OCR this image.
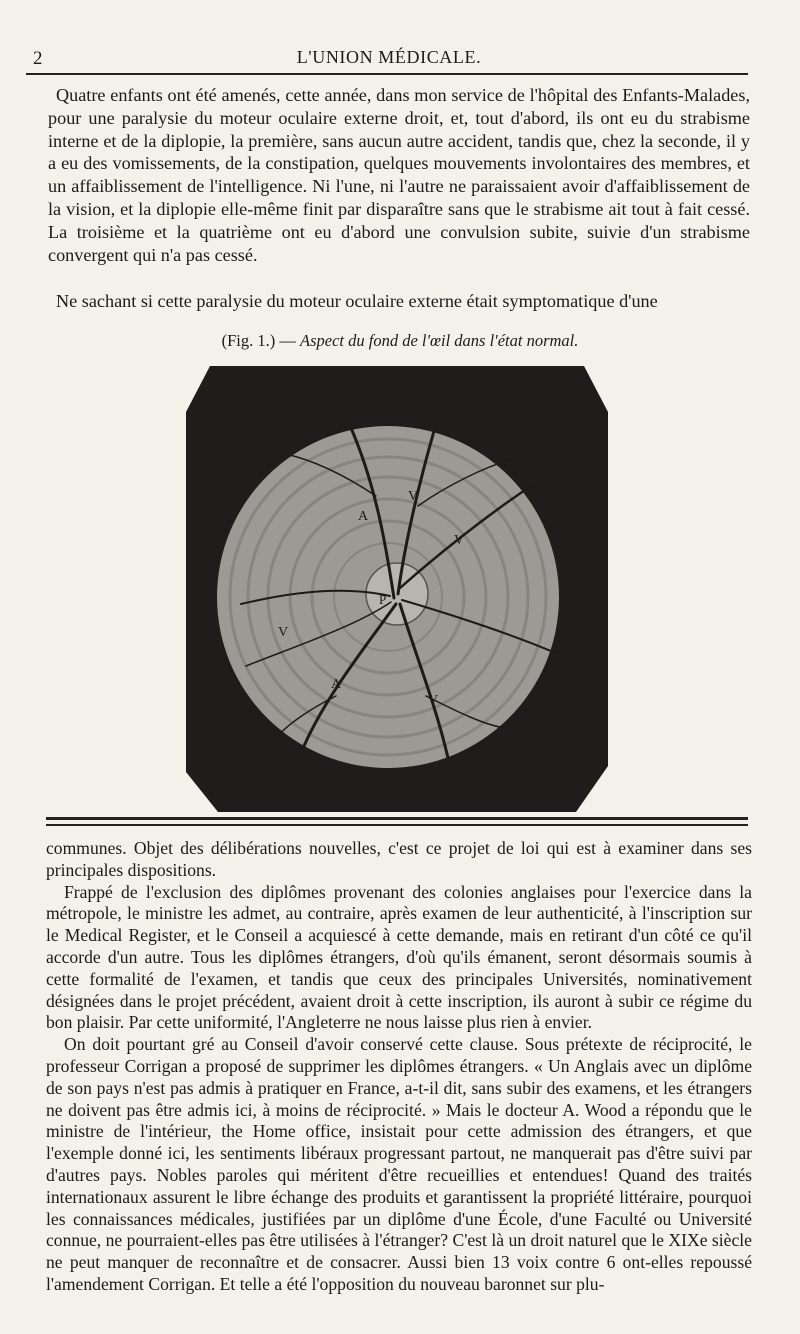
2	L'UNION MÉDICALE.

Quatre enfants ont été amenés, cette année, dans mon service de l'hôpital des Enfants-Malades, pour une paralysie du moteur oculaire externe droit, et, tout d'abord, ils ont eu du strabisme interne et de la diplopie, la première, sans aucun autre accident, tandis que, chez la seconde, il y a eu des vomissements, de la constipation, quelques mouvements involontaires des membres, et un affaiblissement de l'intelligence. Ni l'une, ni l'autre ne paraissaient avoir d'affaiblissement de la vision, et la diplopie elle-même finit par disparaître sans que le strabisme ait tout à fait cessé. La troisième et la quatrième ont eu d'abord une convulsion subite, suivie d'un strabisme convergent qui n'a pas cessé.

Ne sachant si cette paralysie du moteur oculaire externe était symptomatique d'une

(Fig. 1.) — Aspect du fond de l'œil dans l'état normal.
A
A
V
V
V
V
P

communes. Objet des délibérations nouvelles, c'est ce projet de loi qui est à examiner dans ses principales dispositions.

Frappé de l'exclusion des diplômes provenant des colonies anglaises pour l'exercice dans la métropole, le ministre les admet, au contraire, après examen de leur authenticité, à l'inscription sur le Medical Register, et le Conseil a acquiescé à cette demande, mais en retirant d'un côté ce qu'il accorde d'un autre. Tous les diplômes étrangers, d'où qu'ils émanent, seront désormais soumis à cette formalité de l'examen, et tandis que ceux des principales Universités, nominativement désignées dans le projet précédent, avaient droit à cette inscription, ils auront à subir ce régime du bon plaisir. Par cette uniformité, l'Angleterre ne nous laisse plus rien à envier.

On doit pourtant gré au Conseil d'avoir conservé cette clause. Sous prétexte de réciprocité, le professeur Corrigan a proposé de supprimer les diplômes étrangers. « Un Anglais avec un diplôme de son pays n'est pas admis à pratiquer en France, a-t-il dit, sans subir des examens, et les étrangers ne doivent pas être admis ici, à moins de réciprocité. » Mais le docteur A. Wood a répondu que le ministre de l'intérieur, the Home office, insistait pour cette admission des étrangers, et que l'exemple donné ici, les sentiments libéraux progressant partout, ne manquerait pas d'être suivi par d'autres pays. Nobles paroles qui méritent d'être recueillies et entendues! Quand des traités internationaux assurent le libre échange des produits et garantissent la propriété littéraire, pourquoi les connaissances médicales, justifiées par un diplôme d'une École, d'une Faculté ou Université connue, ne pourraient-elles pas être utilisées à l'étranger? C'est là un droit naturel que le XIXe siècle ne peut manquer de reconnaître et de consacrer. Aussi bien 13 voix contre 6 ont-elles repoussé l'amendement Corrigan. Et telle a été l'opposition du nouveau baronnet sur plu-
